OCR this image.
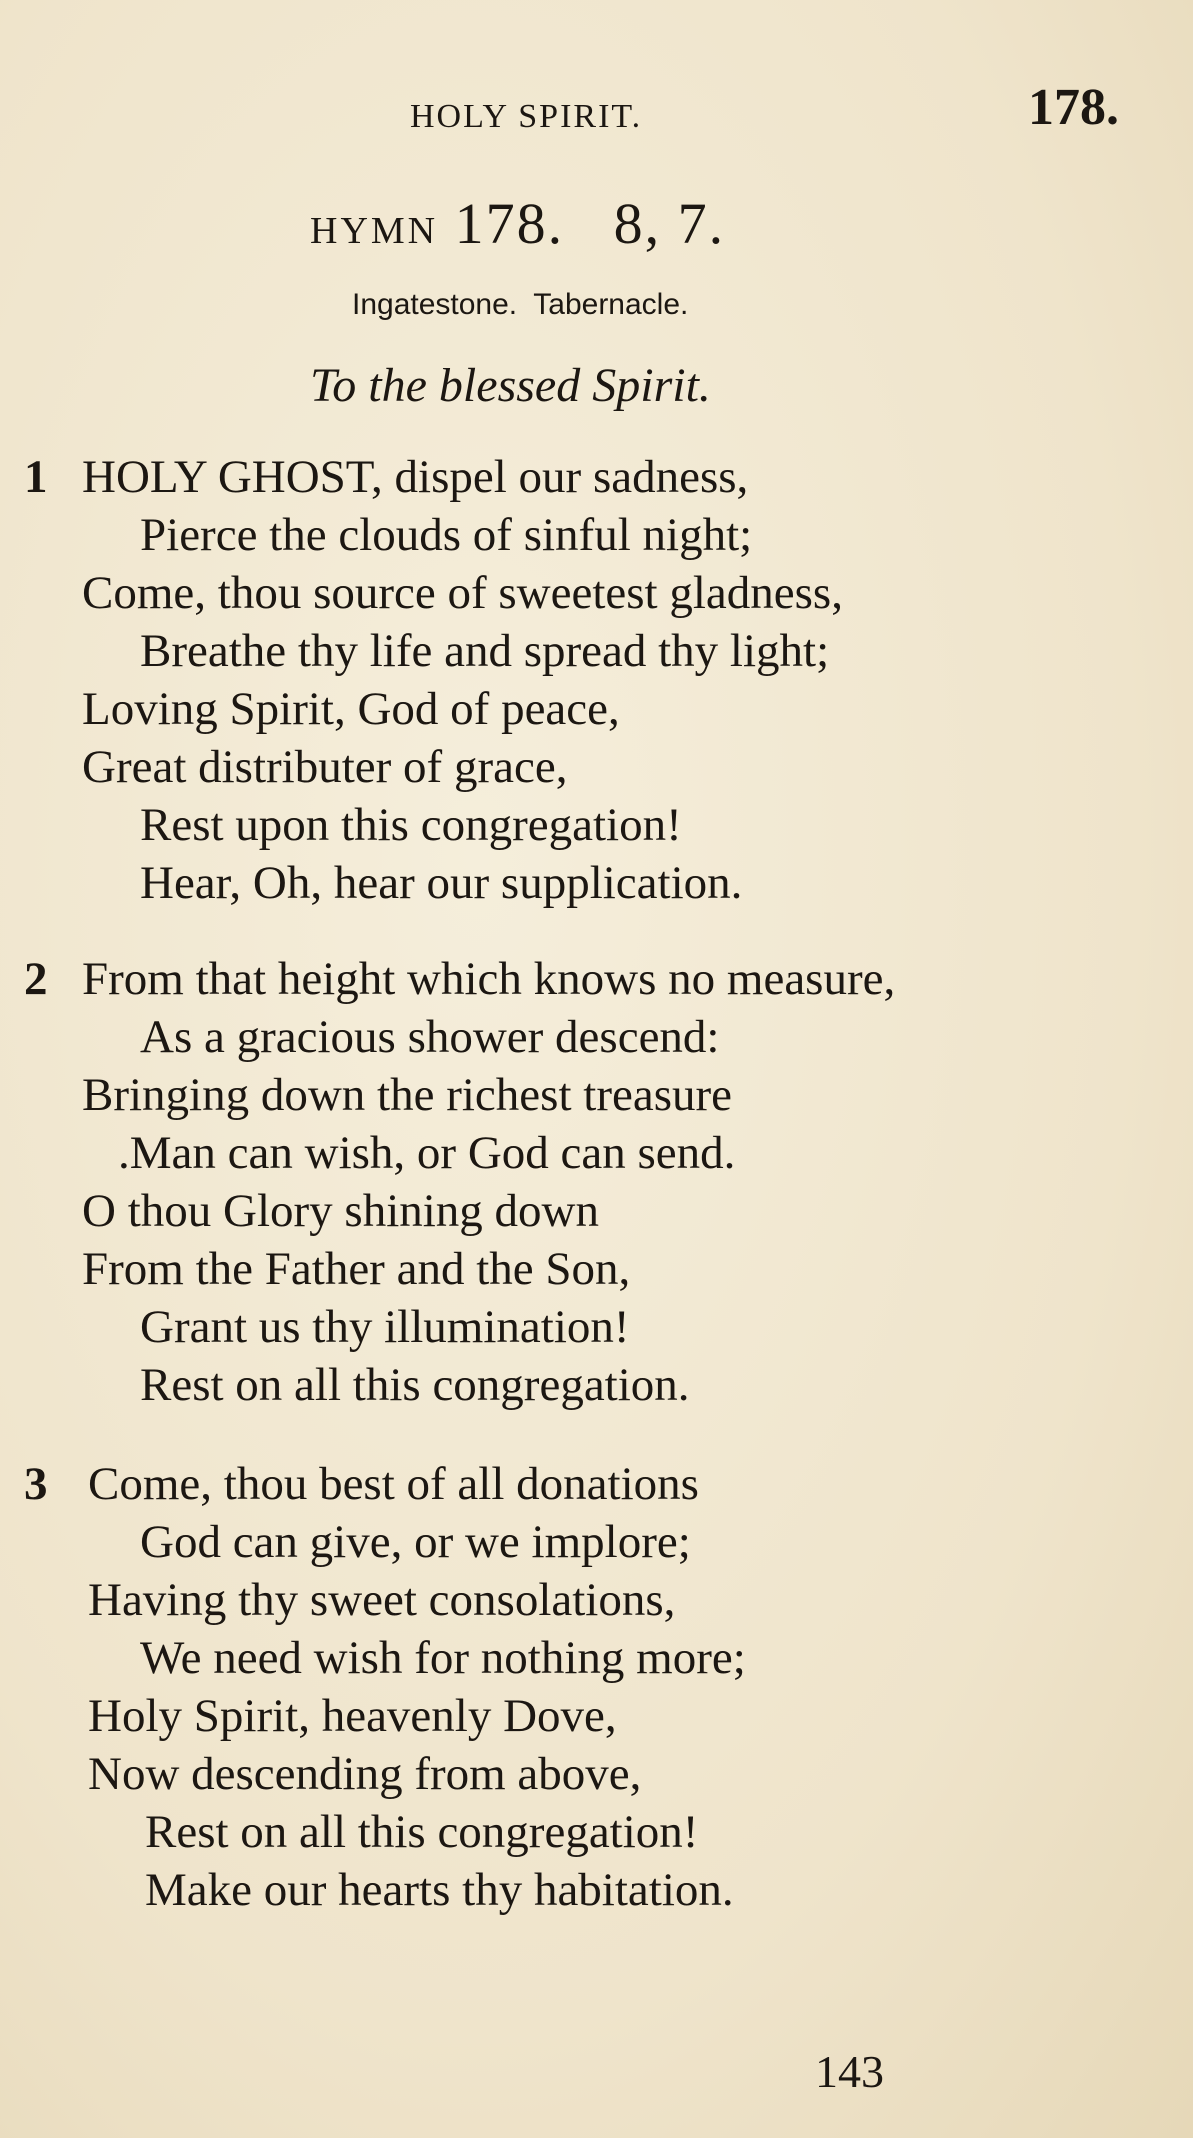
HOLY SPIRIT.	178.
HYMN 178.   8, 7.
Ingatestone.  Tabernacle.
To the blessed Spirit.
1 HOLY GHOST, dispel our sadness,
Pierce the clouds of sinful night;
Come, thou source of sweetest gladness,
Breathe thy life and spread thy light;
Loving Spirit, God of peace,
Great distributer of grace,
Rest upon this congregation!
Hear, Oh, hear our supplication.
2 From that height which knows no measure,
As a gracious shower descend:
Bringing down the richest treasure
.Man can wish, or God can send.
O thou Glory shining down
From the Father and the Son,
Grant us thy illumination!
Rest on all this congregation.
3 Come, thou best of all donations
God can give, or we implore;
Having thy sweet consolations,
We need wish for nothing more;
Holy Spirit, heavenly Dove,
Now descending from above,
Rest on all this congregation!
Make our hearts thy habitation.
143
